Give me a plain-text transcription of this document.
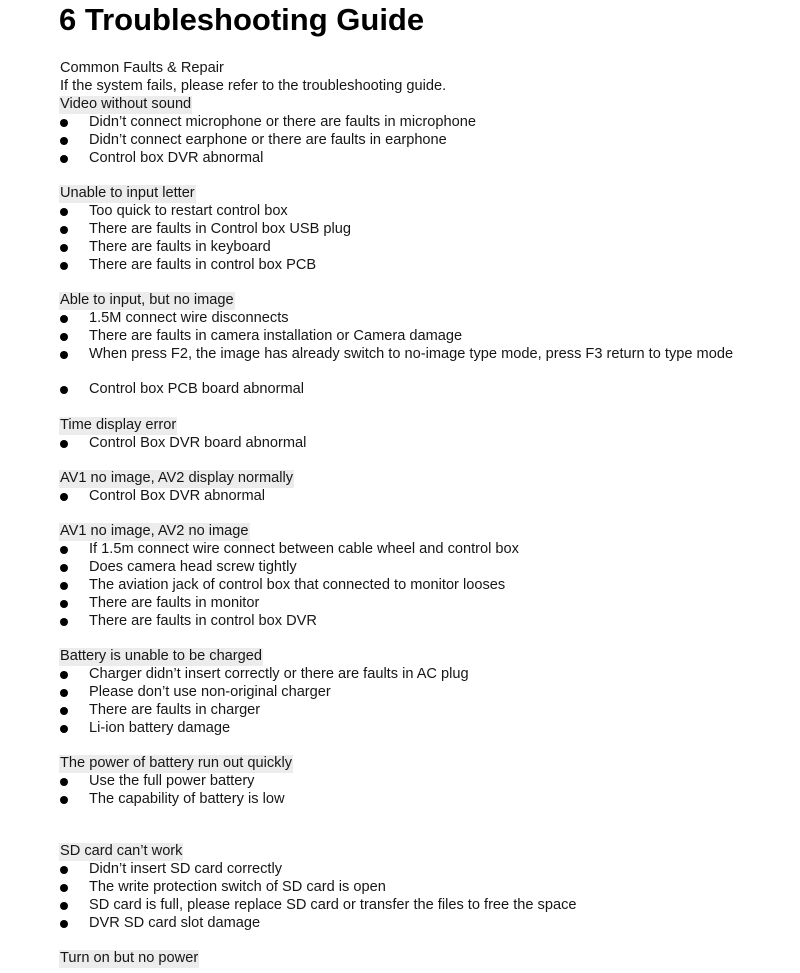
6 Troubleshooting Guide
Common Faults & Repair
If the system fails, please refer to the troubleshooting guide.
Video without sound
Didn’t connect microphone or there are faults in microphone
Didn’t connect earphone or there are faults in earphone
Control box DVR abnormal
Unable to input letter
Too quick to restart control box
There are faults in Control box USB plug
There are faults in keyboard
There are faults in control box PCB
Able to input, but no image
1.5M connect wire disconnects
There are faults in camera installation or Camera damage
When press F2, the image has already switch to no-image type mode, press F3 return to type mode
Control box PCB board abnormal
Time display error
Control Box DVR board abnormal
AV1 no image, AV2 display normally
Control Box DVR abnormal
AV1 no image, AV2 no image
If 1.5m connect wire connect between cable wheel and control box
Does camera head screw tightly
The aviation jack of control box that connected to monitor looses
There are faults in monitor
There are faults in control box DVR
Battery is unable to be charged
Charger didn’t insert correctly or there are faults in AC plug
Please don’t use non-original charger
There are faults in charger
Li-ion battery damage
The power of battery run out quickly
Use the full power battery
The capability of battery is low
SD card can’t work
Didn’t insert SD card correctly
The write protection switch of SD card is open
SD card is full, please replace SD card or transfer the files to free the space
DVR SD card slot damage
Turn on but no power
